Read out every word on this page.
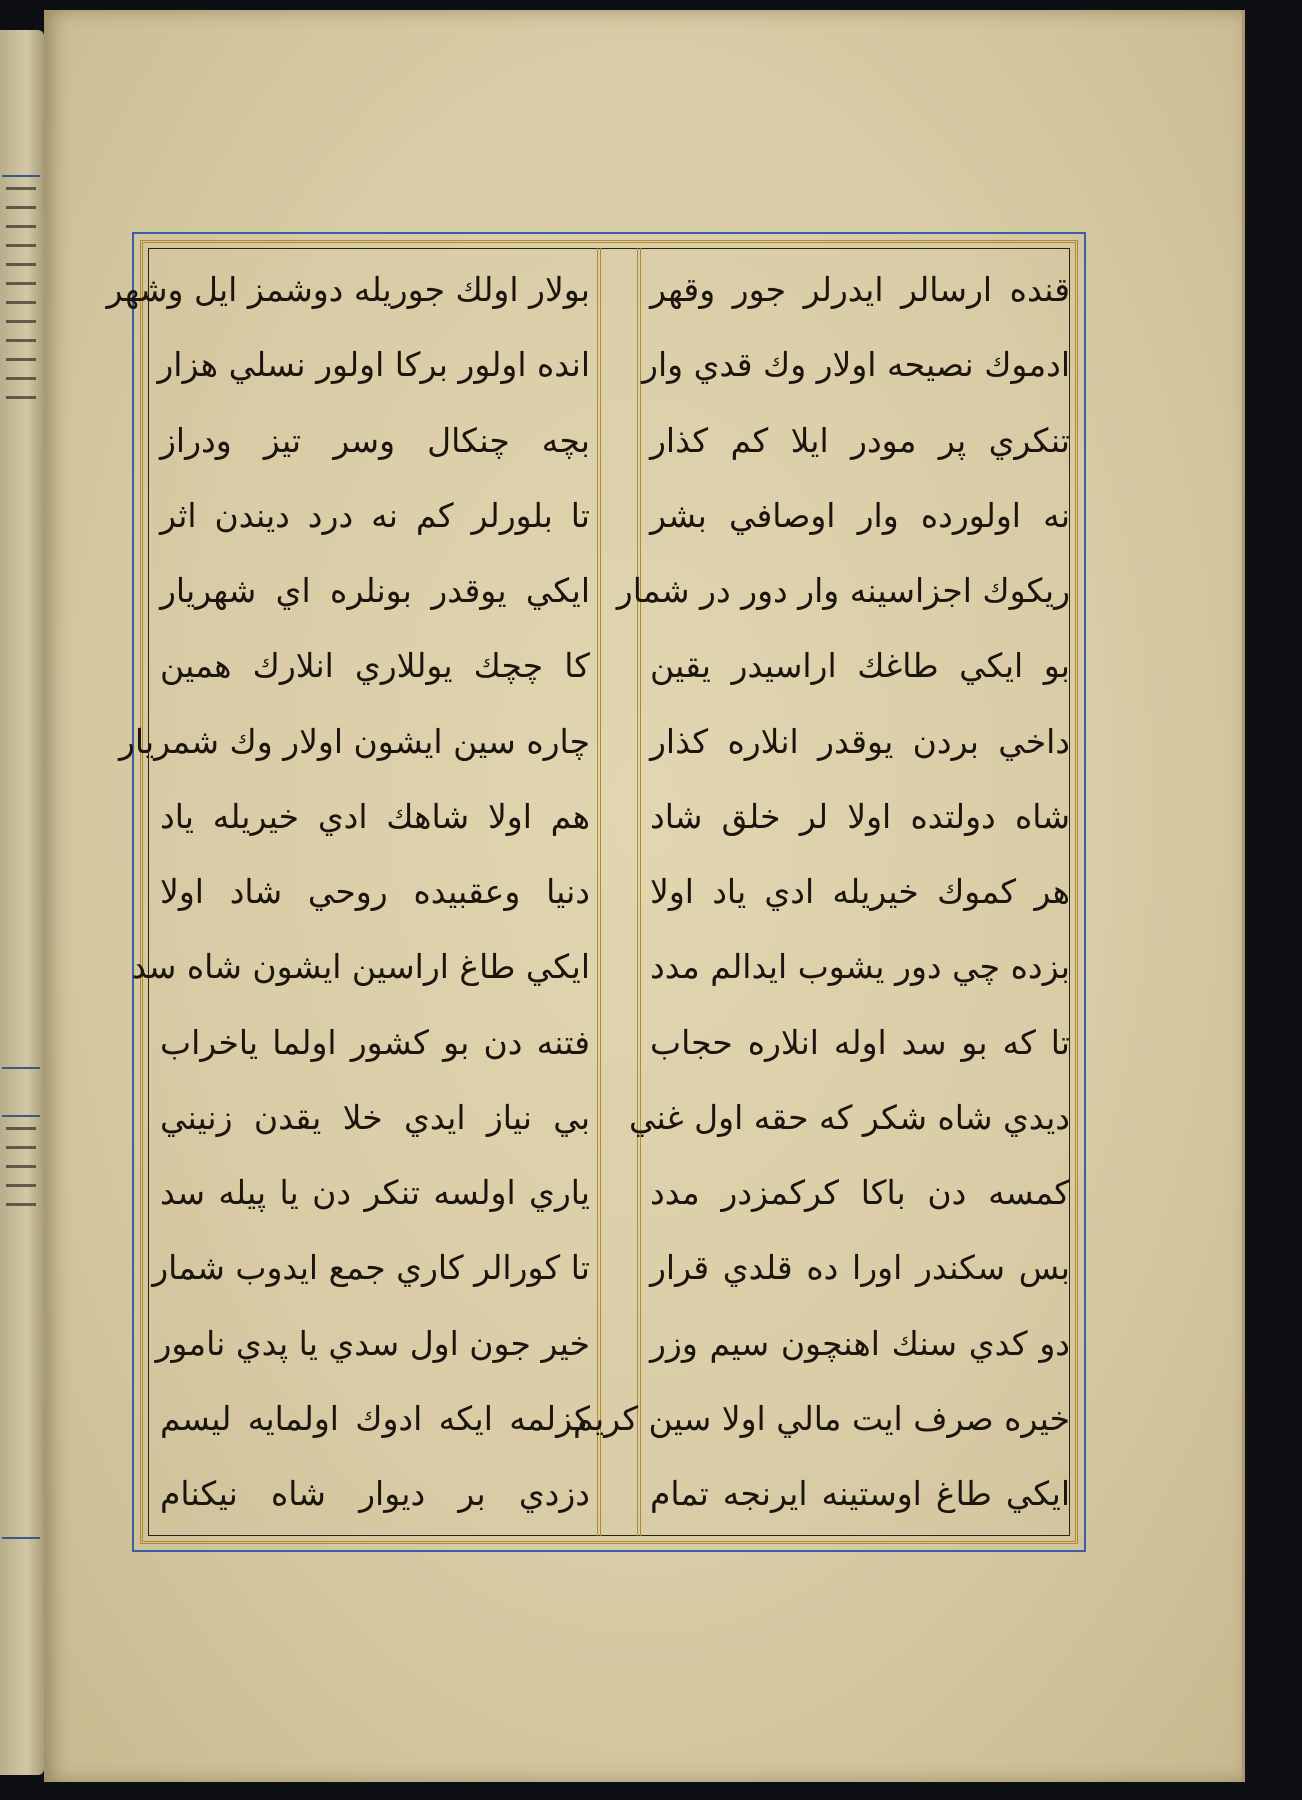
بولار اولك جوريله دوشمز ايل وشهر
انده اولور بركا اولور نسلي هزار
بچه چنكال وسر تيز ودراز
تا بلورلر كم نه درد ديندن اثر
ايكي يوقدر بونلره اي شهريار
كا چچك يوللاري انلارك همين
چاره سين ايشون اولار وك شمريار
هم اولا شاهك ادي خيريله ياد
دنيا وعقبيده روحي شاد اولا
ايكي طاغ اراسين ايشون شاه سد
فتنه دن بو كشور اولما ياخراب
بي نياز ايدي خلا يقدن زنيني
ياري اولسه تنكر دن يا پيله سد
تا كورالر كاري جمع ايدوب شمار
خير جون اول سدي يا پدي نامور
كزلمه ايكه ادوك اولمايه ليسم
دزدي بر ديوار شاه نيكنام
قنده ارسالر ايدرلر جور وقهر
ادموك نصيحه اولار وك قدي وار
تنكري پر مودر ايلا كم كذار
نه اولورده وار اوصافي بشر
ريكوك اجزاسينه وار دور در شمار
بو ايكي طاغك اراسيدر يقين
داخي بردن يوقدر انلاره كذار
شاه دولتده اولا لر خلق شاد
هر كموك خيريله ادي ياد اولا
بزده چي دور يشوب ايدالم مدد
تا كه بو سد اوله انلاره حجاب
ديدي شاه شكر كه حقه اول غني
كمسه دن باكا كركمزدر مدد
بس سكندر اورا ده قلدي قرار
دو كدي سنك اهنچون سيم وزر
خيره صرف ايت مالي اولا سين كريم
ايكي طاغ اوستينه ايرنجه تمام
